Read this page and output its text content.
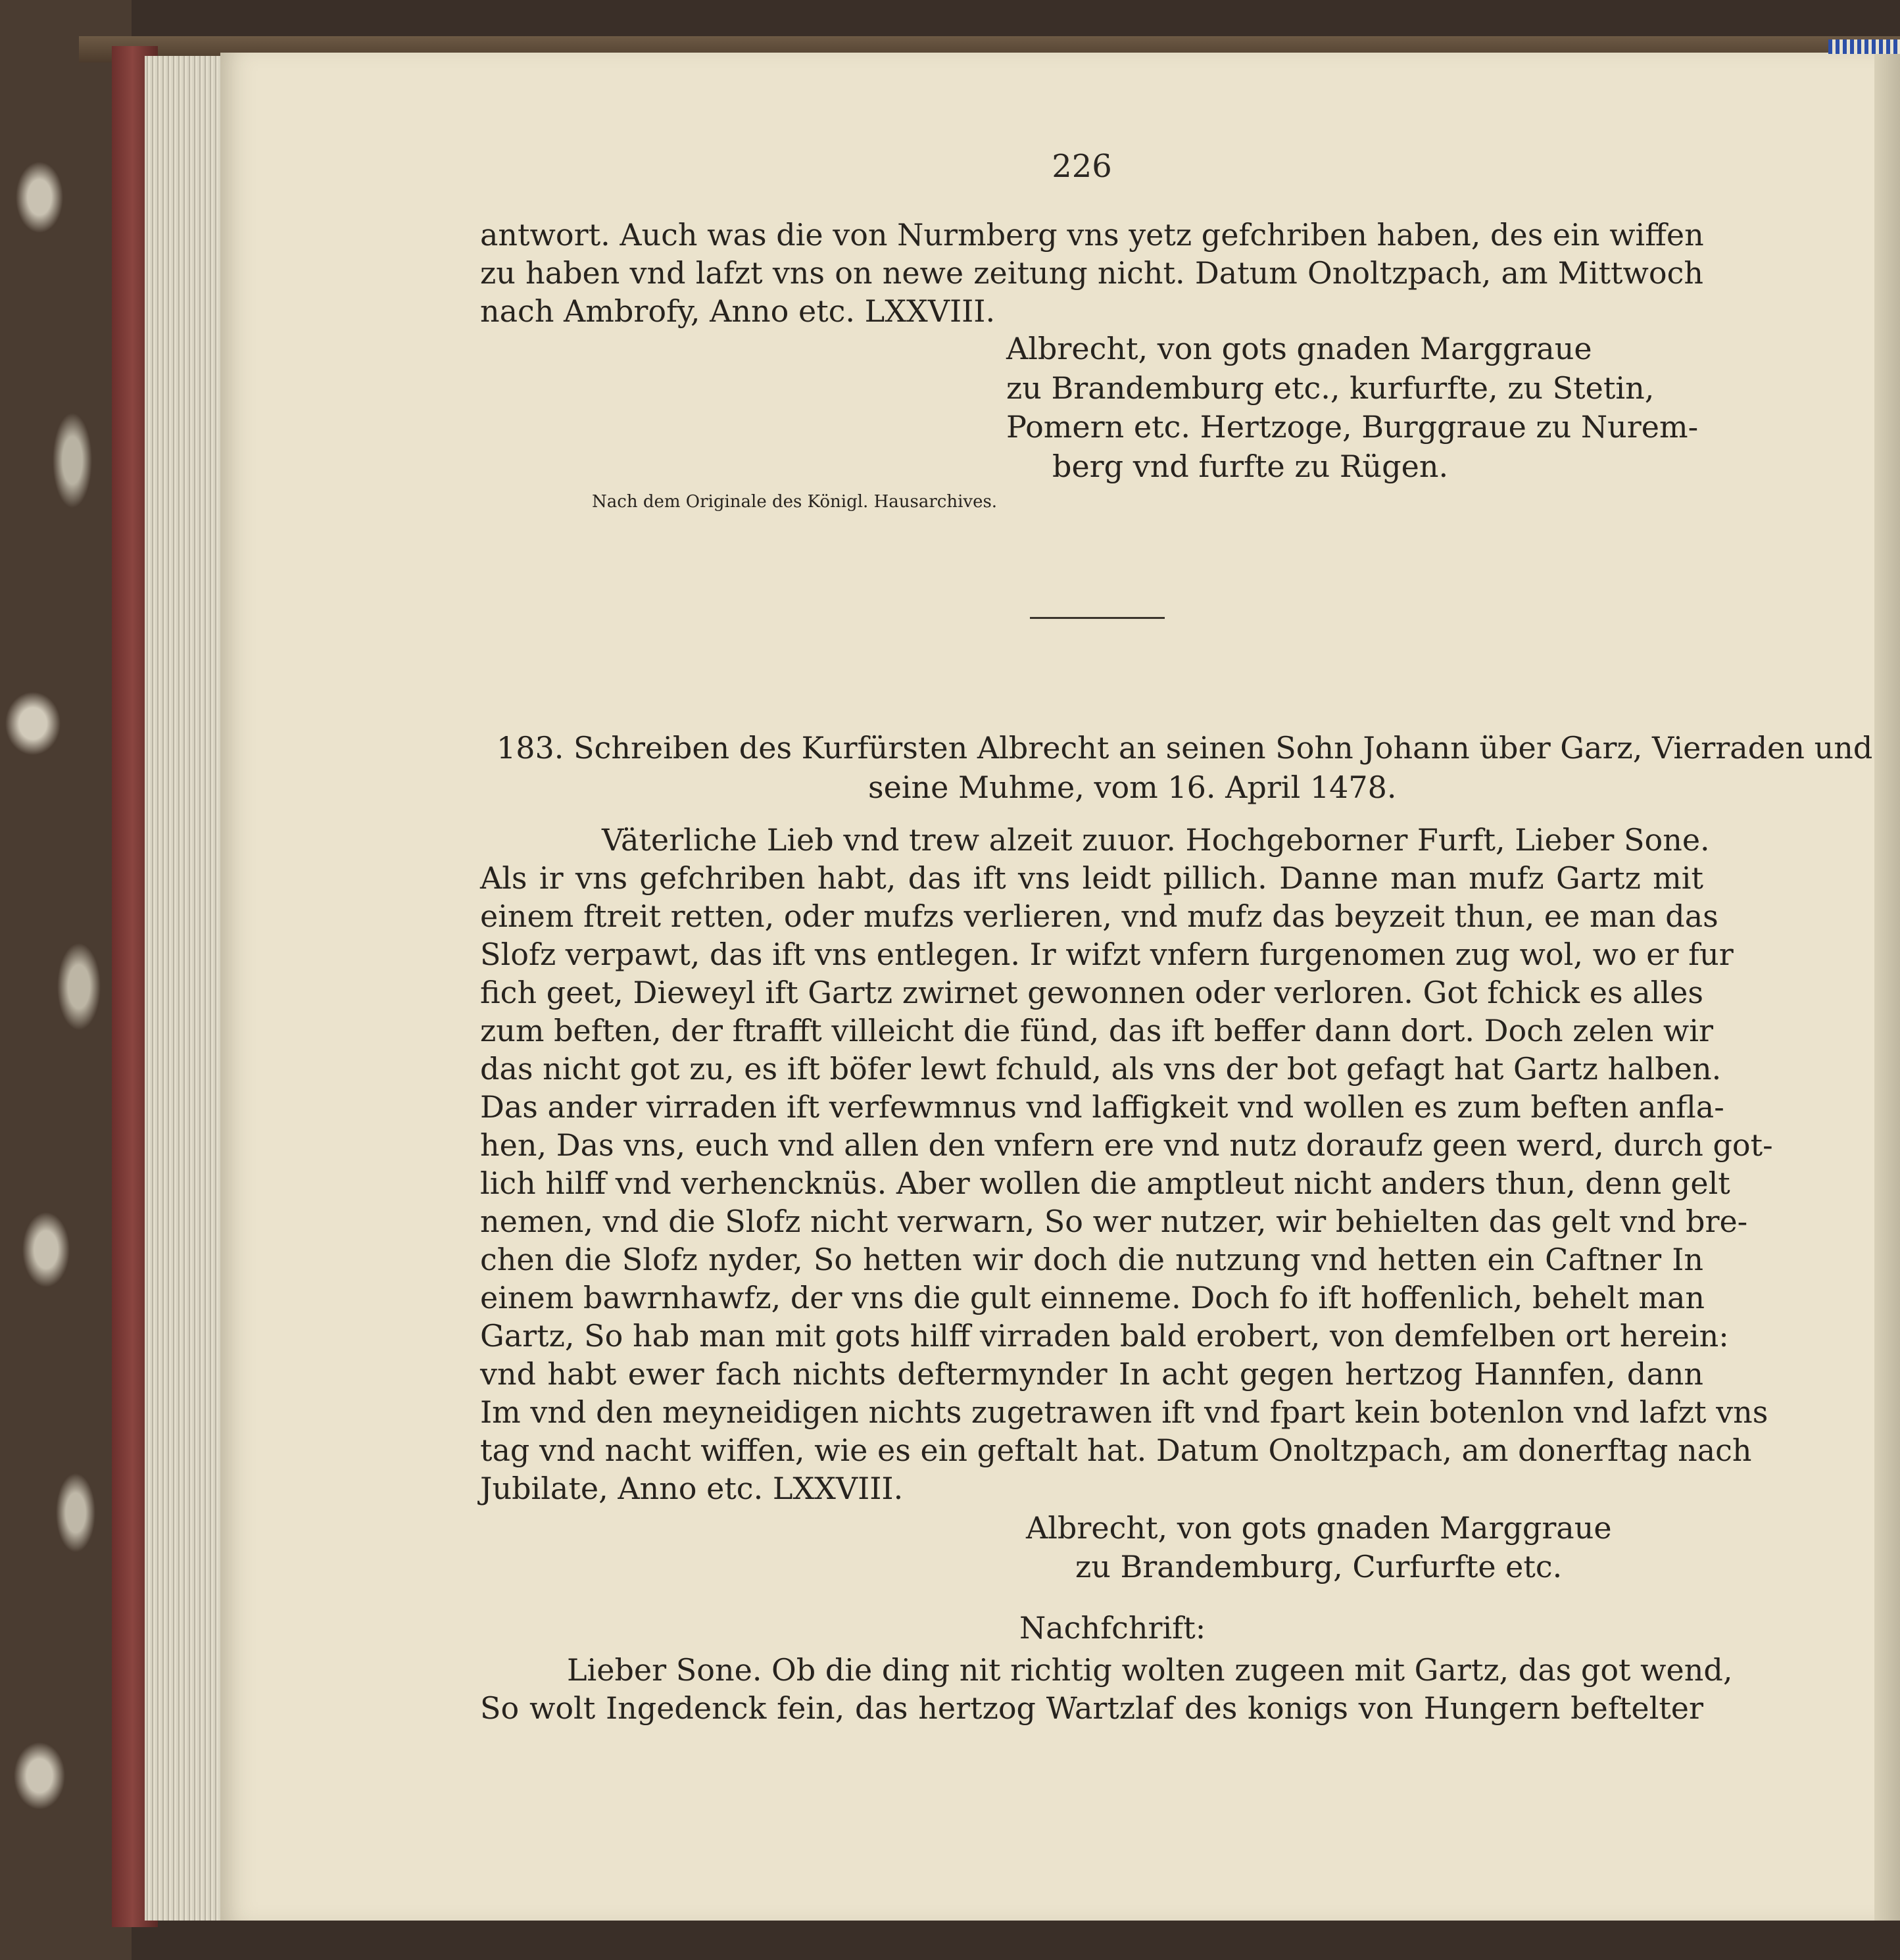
226
antwort. Auch was die von Nurmberg vns yetz gefchriben haben, des ein wiffen
zu haben vnd lafzt vns on newe zeitung nicht. Datum Onoltzpach, am Mittwoch
nach Ambrofy, Anno etc. LXXVIII.
Albrecht, von gots gnaden Marggraue
zu Brandemburg etc., kurfurfte, zu Stetin,
Pomern etc. Hertzoge, Burggraue zu Nurem-
berg vnd furfte zu Rügen.
Nach dem Originale des Königl. Hausarchives.
183. Schreiben des Kurfürsten Albrecht an seinen Sohn Johann über Garz, Vierraden und
seine Muhme, vom 16. April 1478.
Väterliche Lieb vnd trew alzeit zuuor. Hochgeborner Furft, Lieber Sone.
Als ir vns gefchriben habt, das ift vns leidt pillich. Danne man mufz Gartz mit
einem ftreit retten, oder mufzs verlieren, vnd mufz das beyzeit thun, ee man das
Slofz verpawt, das ift vns entlegen. Ir wifzt vnfern furgenomen zug wol, wo er fur
fich geet, Dieweyl ift Gartz zwirnet gewonnen oder verloren. Got fchick es alles
zum beften, der ftrafft villeicht die fünd, das ift beffer dann dort. Doch zelen wir
das nicht got zu, es ift böfer lewt fchuld, als vns der bot gefagt hat Gartz halben.
Das ander virraden ift verfewmnus vnd laffigkeit vnd wollen es zum beften anfla-
hen, Das vns, euch vnd allen den vnfern ere vnd nutz doraufz geen werd, durch got-
lich hilff vnd verhencknüs. Aber wollen die amptleut nicht anders thun, denn gelt
nemen, vnd die Slofz nicht verwarn, So wer nutzer, wir behielten das gelt vnd bre-
chen die Slofz nyder, So hetten wir doch die nutzung vnd hetten ein Caftner In
einem bawrnhawfz, der vns die gult einneme. Doch fo ift hoffenlich, behelt man
Gartz, So hab man mit gots hilff virraden bald erobert, von demfelben ort herein:
vnd habt ewer fach nichts deftermynder In acht gegen hertzog Hannfen, dann
Im vnd den meyneidigen nichts zugetrawen ift vnd fpart kein botenlon vnd lafzt vns
tag vnd nacht wiffen, wie es ein geftalt hat. Datum Onoltzpach, am donerftag nach
Jubilate, Anno etc. LXXVIII.
Albrecht, von gots gnaden Marggraue
zu Brandemburg, Curfurfte etc.
Nachfchrift:
Lieber Sone. Ob die ding nit richtig wolten zugeen mit Gartz, das got wend,
So wolt Ingedenck fein, das hertzog Wartzlaf des konigs von Hungern beftelter
